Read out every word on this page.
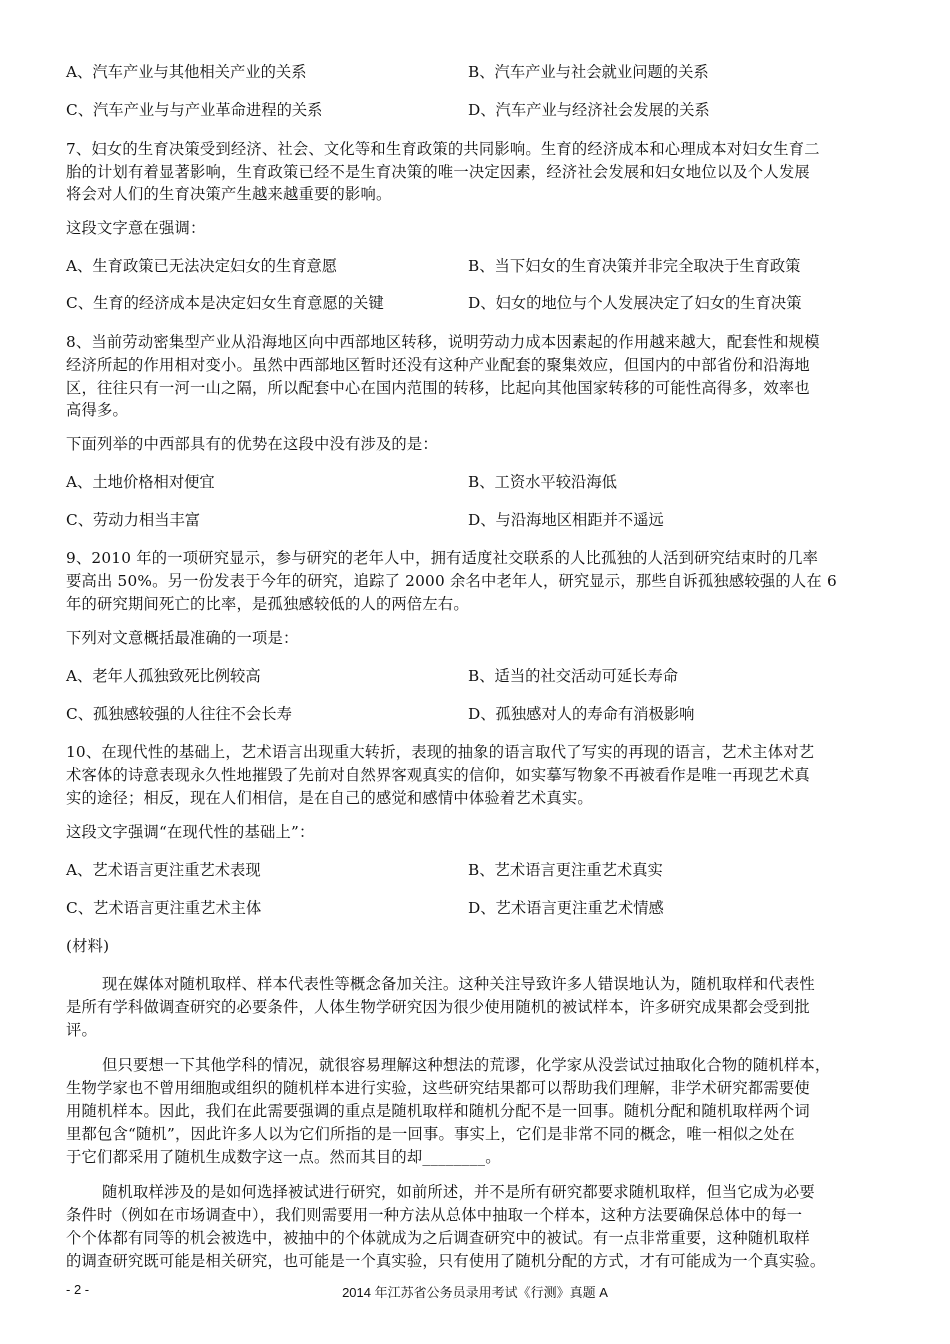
A、汽车产业与其他相关产业的关系	B、汽车产业与社会就业问题的关系
C、汽车产业与与产业革命进程的关系	D、汽车产业与经济社会发展的关系
7、妇女的生育决策受到经济、社会、文化等和生育政策的共同影响。生育的经济成本和心理成本对妇女生育二
胎的计划有着显著影响，生育政策已经不是生育决策的唯一决定因素，经济社会发展和妇女地位以及个人发展
将会对人们的生育决策产生越来越重要的影响。
这段文字意在强调：
A、生育政策已无法决定妇女的生育意愿	B、当下妇女的生育决策并非完全取决于生育政策
C、生育的经济成本是决定妇女生育意愿的关键	D、妇女的地位与个人发展决定了妇女的生育决策
8、当前劳动密集型产业从沿海地区向中西部地区转移，说明劳动力成本因素起的作用越来越大，配套性和规模
经济所起的作用相对变小。虽然中西部地区暂时还没有这种产业配套的聚集效应，但国内的中部省份和沿海地
区，往往只有一河一山之隔，所以配套中心在国内范围的转移，比起向其他国家转移的可能性高得多，效率也
高得多。
下面列举的中西部具有的优势在这段中没有涉及的是：
A、土地价格相对便宜	B、工资水平较沿海低
C、劳动力相当丰富	D、与沿海地区相距并不遥远
9、2010 年的一项研究显示，参与研究的老年人中，拥有适度社交联系的人比孤独的人活到研究结束时的几率
要高出 50%。另一份发表于今年的研究，追踪了 2000 余名中老年人，研究显示，那些自诉孤独感较强的人在 6
年的研究期间死亡的比率，是孤独感较低的人的两倍左右。
下列对文意概括最准确的一项是：
A、老年人孤独致死比例较高	B、适当的社交活动可延长寿命
C、孤独感较强的人往往不会长寿	D、孤独感对人的寿命有消极影响
10、在现代性的基础上，艺术语言出现重大转折，表现的抽象的语言取代了写实的再现的语言，艺术主体对艺
术客体的诗意表现永久性地摧毁了先前对自然界客观真实的信仰，如实摹写物象不再被看作是唯一再现艺术真
实的途径；相反，现在人们相信，是在自己的感觉和感情中体验着艺术真实。
这段文字强调“在现代性的基础上”：
A、艺术语言更注重艺术表现	B、艺术语言更注重艺术真实
C、艺术语言更注重艺术主体	D、艺术语言更注重艺术情感
(材料)
现在媒体对随机取样、样本代表性等概念备加关注。这种关注导致许多人错误地认为，随机取样和代表性
是所有学科做调查研究的必要条件，人体生物学研究因为很少使用随机的被试样本，许多研究成果都会受到批
评。
但只要想一下其他学科的情况，就很容易理解这种想法的荒谬，化学家从没尝试过抽取化合物的随机样本，
生物学家也不曾用细胞或组织的随机样本进行实验，这些研究结果都可以帮助我们理解，非学术研究都需要使
用随机样本。因此，我们在此需要强调的重点是随机取样和随机分配不是一回事。随机分配和随机取样两个词
里都包含“随机”，因此许多人以为它们所指的是一回事。事实上，它们是非常不同的概念，唯一相似之处在
于它们都采用了随机生成数字这一点。然而其目的却________。
随机取样涉及的是如何选择被试进行研究，如前所述，并不是所有研究都要求随机取样，但当它成为必要
条件时（例如在市场调查中），我们则需要用一种方法从总体中抽取一个样本，这种方法要确保总体中的每一
个个体都有同等的机会被选中，被抽中的个体就成为之后调查研究中的被试。有一点非常重要，这种随机取样
的调查研究既可能是相关研究，也可能是一个真实验，只有使用了随机分配的方式，才有可能成为一个真实验。
- 2 -	2014 年江苏省公务员录用考试《行测》真题 A
